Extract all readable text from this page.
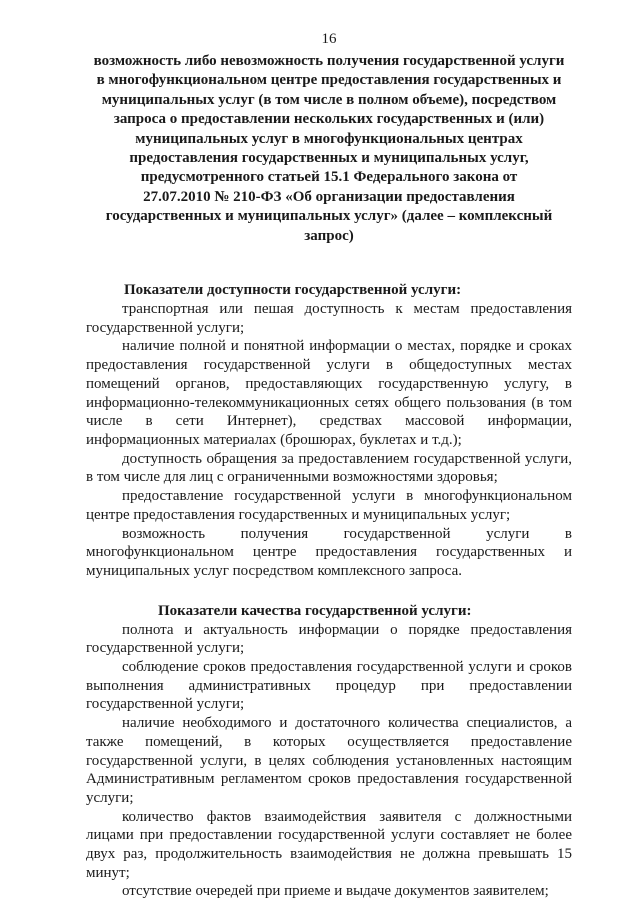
16

возможность либо невозможность получения государственной услуги

в многофункциональном центре предоставления государственных и

муниципальных услуг (в том числе в полном объеме), посредством

запроса о предоставлении нескольких государственных и (или)

муниципальных услуг в многофункциональных центрах

предоставления государственных и муниципальных услуг,

предусмотренного статьей 15.1 Федерального закона от

27.07.2010 № 210-ФЗ «Об организации предоставления

государственных и муниципальных услуг» (далее – комплексный

запрос)

Показатели доступности государственной услуги:

транспортная или пешая доступность к местам предоставления государственной услуги;

наличие полной и понятной информации о местах, порядке и сроках предоставления государственной услуги в общедоступных местах помещений органов, предоставляющих государственную услугу, в информационно-телекоммуникационных сетях общего пользования (в том числе в сети Интернет), средствах массовой информации, информационных материалах (брошюрах, буклетах и т.д.);

доступность обращения за предоставлением государственной услуги, в том числе для лиц с ограниченными возможностями здоровья;

предоставление государственной услуги в многофункциональном центре предоставления государственных и муниципальных услуг;

возможность получения государственной услуги в многофункциональном центре предоставления государственных и муниципальных услуг посредством комплексного запроса.

Показатели качества государственной услуги:

полнота и актуальность информации о порядке предоставления государственной услуги;

соблюдение сроков предоставления государственной услуги и сроков выполнения административных процедур при предоставлении государственной услуги;

наличие необходимого и достаточного количества специалистов, а также помещений, в которых осуществляется предоставление государственной услуги, в целях соблюдения установленных настоящим Административным регламентом сроков предоставления государственной услуги;

количество фактов взаимодействия заявителя с должностными лицами при предоставлении государственной услуги составляет не более двух раз, продолжительность взаимодействия не должна превышать 15 минут;

отсутствие очередей при приеме и выдаче документов заявителем;
